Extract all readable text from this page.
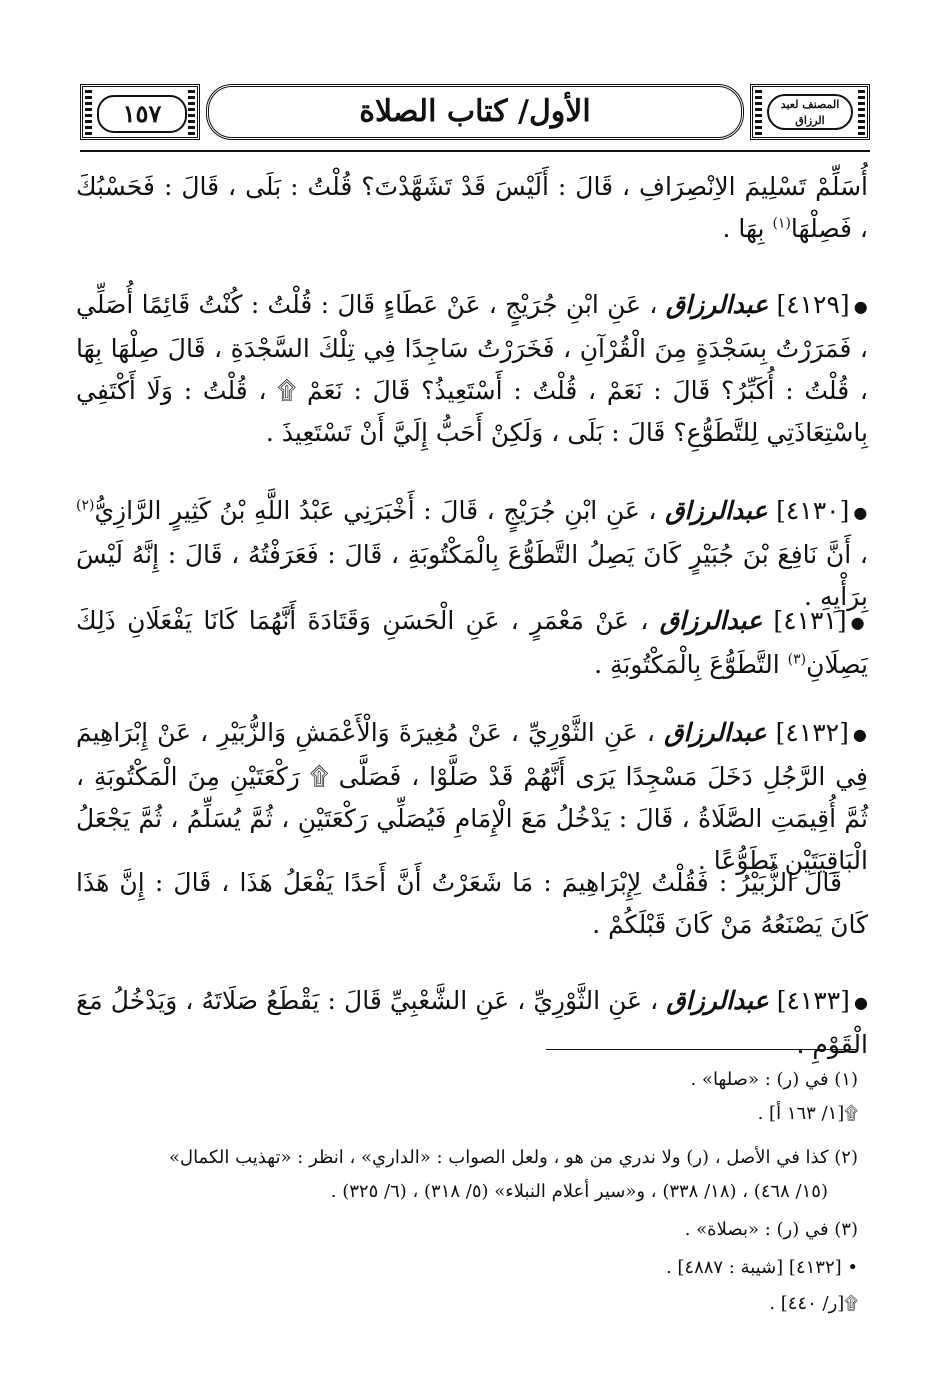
١٥٧	الأول/ كتاب الصلاة	المصنف لعبد الرزاق
أُسَلِّمْ تَسْلِيمَ الاِنْصِرَافِ ، قَالَ : أَلَيْسَ قَدْ تَشَهَّدْتَ؟ قُلْتُ : بَلَى ، قَالَ : فَحَسْبُكَ ، فَصِلْهَا$^{(١)}$ بِهَا .
●[٤١٢٩] عبدالرزاق ، عَنِ ابْنِ جُرَيْجٍ ، عَنْ عَطَاءٍ قَالَ : قُلْتُ : كُنْتُ قَائِمًا أُصَلِّي ، فَمَرَرْتُ بِسَجْدَةٍ مِنَ الْقُرْآنِ ، فَخَرَرْتُ سَاجِدًا فِي تِلْكَ السَّجْدَةِ ، قَالَ صِلْهَا بِهَا ، قُلْتُ : أُكَبِّرُ؟ قَالَ : نَعَمْ ، قُلْتُ : أَسْتَعِيذُ؟ قَالَ : نَعَمْ ۩ ، قُلْتُ : وَلَا أَكْتَفِي بِاسْتِعَاذَتِي لِلتَّطَوُّعِ؟ قَالَ : بَلَى ، وَلَكِنْ أَحَبُّ إِلَيَّ أَنْ تَسْتَعِيذَ .
●[٤١٣٠] عبدالرزاق ، عَنِ ابْنِ جُرَيْجٍ ، قَالَ : أَخْبَرَنِي عَبْدُ اللَّهِ بْنُ كَثِيرٍ الرَّازِيُّ$^{(٢)}$ ، أَنَّ نَافِعَ بْنَ جُبَيْرٍ كَانَ يَصِلُ التَّطَوُّعَ بِالْمَكْتُوبَةِ ، قَالَ : فَعَرَفْتُهُ ، قَالَ : إِنَّهُ لَيْسَ بِرَأْيِهِ .
●[٤١٣١] عبدالرزاق ، عَنْ مَعْمَرٍ ، عَنِ الْحَسَنِ وَقَتَادَةَ أَنَّهُمَا كَانَا يَفْعَلَانِ ذَلِكَ يَصِلَانِ$^{(٣)}$ التَّطَوُّعَ بِالْمَكْتُوبَةِ .
●[٤١٣٢] عبدالرزاق ، عَنِ الثَّوْرِيِّ ، عَنْ مُغِيرَةَ وَالْأَعْمَشِ وَالزُّبَيْرِ ، عَنْ إِبْرَاهِيمَ فِي الرَّجُلِ دَخَلَ مَسْجِدًا يَرَى أَنَّهُمْ قَدْ صَلَّوْا ، فَصَلَّى ۩ رَكْعَتَيْنِ مِنَ الْمَكْتُوبَةِ ، ثُمَّ أُقِيمَتِ الصَّلَاةُ ، قَالَ : يَدْخُلُ مَعَ الْإِمَامِ فَيُصَلِّي رَكْعَتَيْنِ ، ثُمَّ يُسَلِّمُ ، ثُمَّ يَجْعَلُ الْبَاقِيَتَيْنِ تَطَوُّعًا .
قَالَ الزُّبَيْرُ : فَقُلْتُ لِإِبْرَاهِيمَ : مَا شَعَرْتُ أَنَّ أَحَدًا يَفْعَلُ هَذَا ، قَالَ : إِنَّ هَذَا كَانَ يَصْنَعُهُ مَنْ كَانَ قَبْلَكُمْ .
●[٤١٣٣] عبدالرزاق ، عَنِ الثَّوْرِيِّ ، عَنِ الشَّعْبِيِّ قَالَ : يَقْطَعُ صَلَاتَهُ ، وَيَدْخُلُ مَعَ الْقَوْمِ .
(١) في (ر) : «صلها» .
۩[١/ ١٦٣ أ] .
(٢) كذا في الأصل ، (ر) ولا ندري من هو ، ولعل الصواب : «الداري» ، انظر : «تهذيب الكمال»
(١٥/ ٤٦٨) ، (١٨/ ٣٣٨) ، و«سير أعلام النبلاء» (٥/ ٣١٨) ، (٦/ ٣٢٥) .
(٣) في (ر) : «بصلاة» .
• [٤١٣٢] [شيبة : ٤٨٨٧] .
۩[ر/ ٤٤٠] .
